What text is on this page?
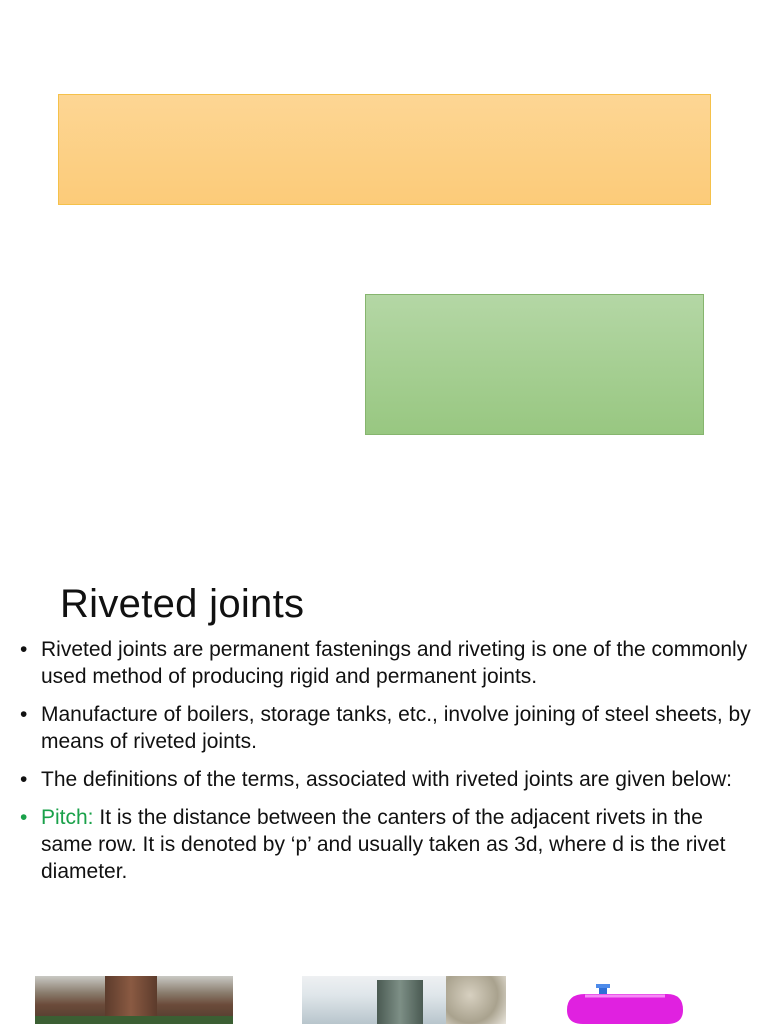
Riveted joints
• Riveted joints are permanent fastenings and riveting is one of the commonly used method of producing rigid and permanent joints.
• Manufacture of boilers, storage tanks, etc., involve joining of steel sheets, by means of riveted joints.
• The definitions of the terms, associated with riveted joints are given below:
• Pitch: It is the distance between the canters of the adjacent rivets in the same row. It is denoted by ‘p’ and usually taken as 3d, where d is the rivet diameter.
